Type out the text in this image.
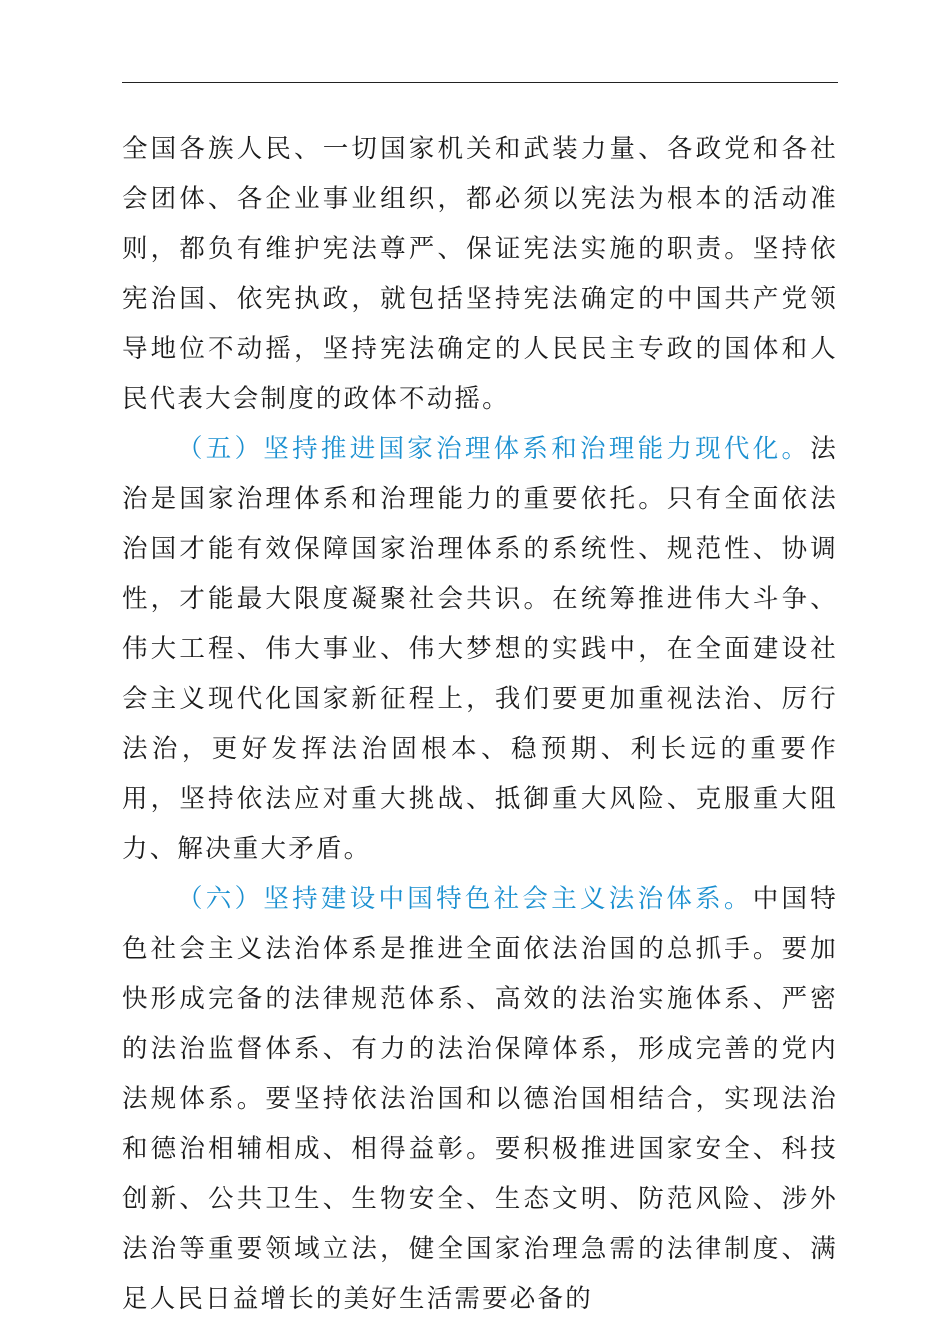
全国各族人民、一切国家机关和武装力量、各政党和各社会团体、各企业事业组织，都必须以宪法为根本的活动准则，都负有维护宪法尊严、保证宪法实施的职责。坚持依宪治国、依宪执政，就包括坚持宪法确定的中国共产党领导地位不动摇，坚持宪法确定的人民民主专政的国体和人民代表大会制度的政体不动摇。

（五）坚持推进国家治理体系和治理能力现代化。法治是国家治理体系和治理能力的重要依托。只有全面依法治国才能有效保障国家治理体系的系统性、规范性、协调性，才能最大限度凝聚社会共识。在统筹推进伟大斗争、伟大工程、伟大事业、伟大梦想的实践中，在全面建设社会主义现代化国家新征程上，我们要更加重视法治、厉行法治，更好发挥法治固根本、稳预期、利长远的重要作用，坚持依法应对重大挑战、抵御重大风险、克服重大阻力、解决重大矛盾。

（六）坚持建设中国特色社会主义法治体系。中国特色社会主义法治体系是推进全面依法治国的总抓手。要加快形成完备的法律规范体系、高效的法治实施体系、严密的法治监督体系、有力的法治保障体系，形成完善的党内法规体系。要坚持依法治国和以德治国相结合，实现法治和德治相辅相成、相得益彰。要积极推进国家安全、科技创新、公共卫生、生物安全、生态文明、防范风险、涉外法治等重要领域立法，健全国家治理急需的法律制度、满足人民日益增长的美好生活需要必备的
